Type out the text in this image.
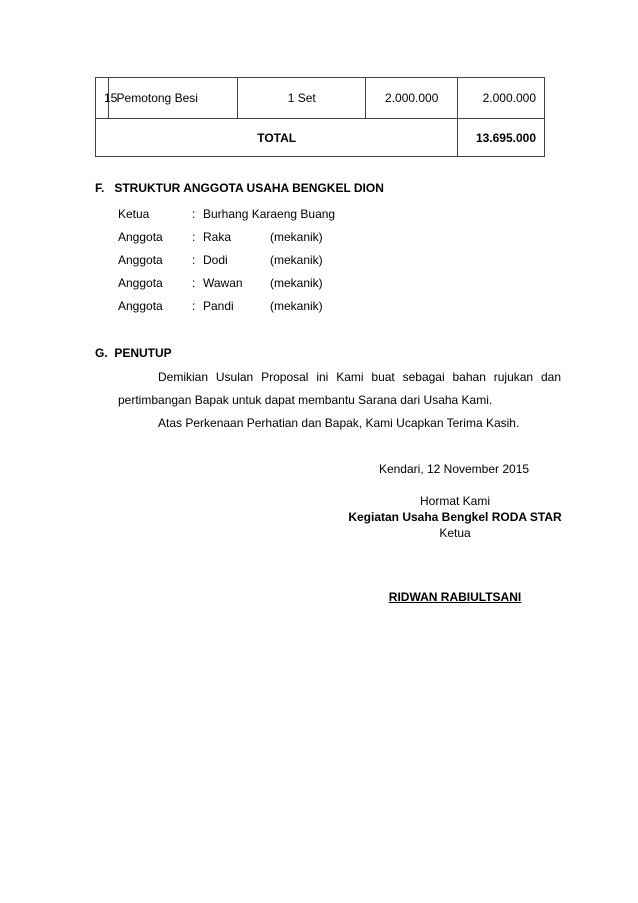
15	Pemotong Besi	1 Set	2.000.000	2.000.000
TOTAL				13.695.000
F.   STRUKTUR ANGGOTA USAHA BENGKEL DION
Ketua	: Burhang Karaeng Buang
Anggota : Raka	(mekanik)
Anggota : Dodi	(mekanik)
Anggota : Wawan (mekanik)
Anggota : Pandi	(mekanik)
G.  PENUTUP
Demikian Usulan Proposal ini Kami buat sebagai bahan rujukan dan
pertimbangan Bapak untuk dapat membantu Sarana dari Usaha Kami.
Atas Perkenaan Perhatian dan Bapak, Kami Ucapkan Terima Kasih.
Kendari, 12 November 2015
Hormat Kami
Kegiatan Usaha Bengkel RODA STAR
Ketua
RIDWAN RABIULTSANI
